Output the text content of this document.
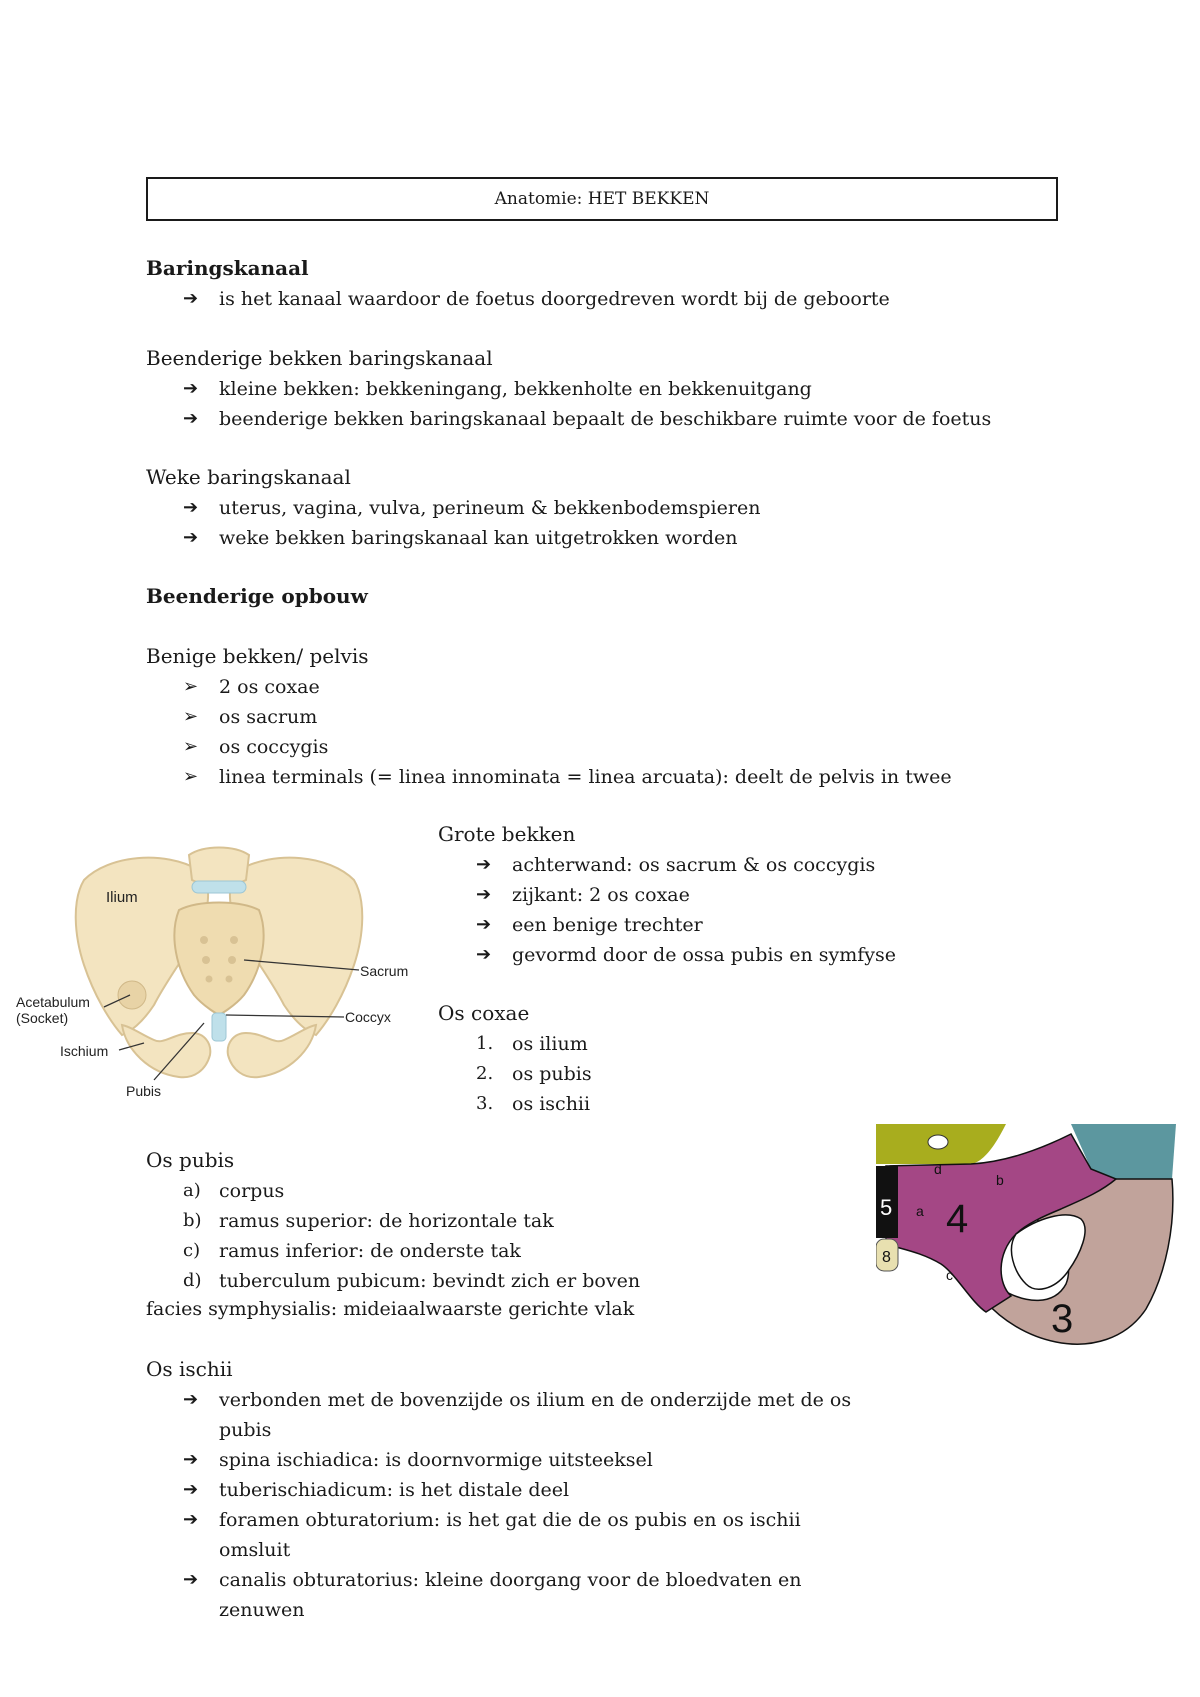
Anatomie: HET BEKKEN
Baringskanaal
➔	is het kanaal waardoor de foetus doorgedreven wordt bij de geboorte
Beenderige bekken baringskanaal
➔	kleine bekken: bekkeningang, bekkenholte en bekkenuitgang
➔	beenderige bekken baringskanaal bepaalt de beschikbare ruimte voor de foetus
Weke baringskanaal
➔	uterus, vagina, vulva, perineum & bekkenbodemspieren
➔	weke bekken baringskanaal kan uitgetrokken worden
Beenderige opbouw
Benige bekken/ pelvis
➢	2 os coxae
➢	os sacrum
➢	os coccygis
➢	linea terminals (= linea innominata = linea arcuata): deelt de pelvis in twee
Ilium
Sacrum
Coccyx
Acetabulum
(Socket)
Ischium
Pubis
Grote bekken
➔	achterwand: os sacrum & os coccygis
➔	zijkant: 2 os coxae
➔	een benige trechter
➔	gevormd door de ossa pubis en symfyse
Os coxae
1. os ilium
2. os pubis
3. os ischii
5 4
3
a
b
c
d
8
Os pubis
a) corpus
b) ramus superior: de horizontale tak
c) ramus inferior: de onderste tak
d) tuberculum pubicum: bevindt zich er boven
facies symphysialis: mideiaalwaarste gerichte vlak
Os ischii
➔	verbonden met de bovenzijde os ilium en de onderzijde met de os pubis
➔	spina ischiadica: is doornvormige uitsteeksel
➔	tuberischiadicum: is het distale deel
➔	foramen obturatorium: is het gat die de os pubis en os ischii omsluit
➔	canalis obturatorius: kleine doorgang voor de bloedvaten en zenuwen
